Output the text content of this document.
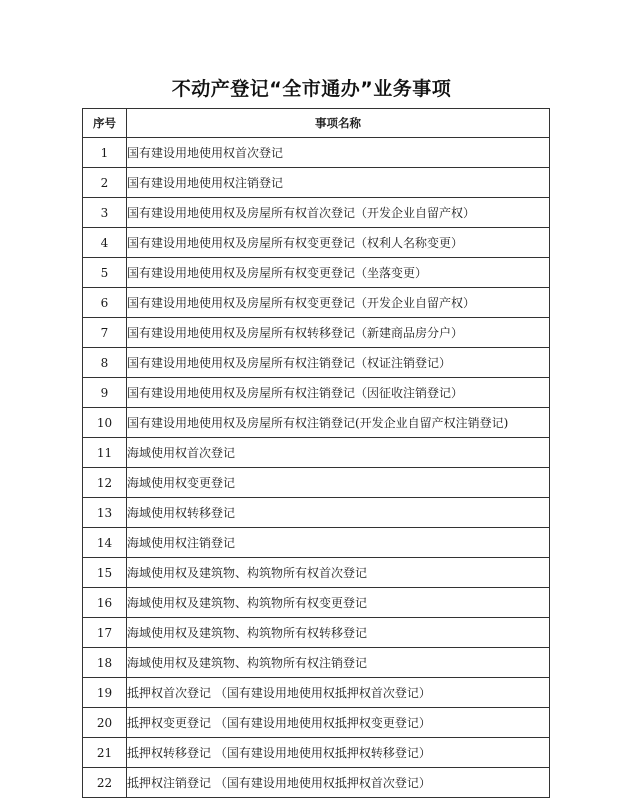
不动产登记“全市通办”业务事项
序号	事项名称
1	国有建设用地使用权首次登记
2	国有建设用地使用权注销登记
3	国有建设用地使用权及房屋所有权首次登记（开发企业自留产权）
4	国有建设用地使用权及房屋所有权变更登记（权利人名称变更）
5	国有建设用地使用权及房屋所有权变更登记（坐落变更）
6	国有建设用地使用权及房屋所有权变更登记（开发企业自留产权）
7	国有建设用地使用权及房屋所有权转移登记（新建商品房分户）
8	国有建设用地使用权及房屋所有权注销登记（权证注销登记）
9	国有建设用地使用权及房屋所有权注销登记（因征收注销登记）
10	国有建设用地使用权及房屋所有权注销登记(开发企业自留产权注销登记)
11	海域使用权首次登记
12	海域使用权变更登记
13	海域使用权转移登记
14	海域使用权注销登记
15	海域使用权及建筑物、构筑物所有权首次登记
16	海域使用权及建筑物、构筑物所有权变更登记
17	海域使用权及建筑物、构筑物所有权转移登记
18	海域使用权及建筑物、构筑物所有权注销登记
19	抵押权首次登记 （国有建设用地使用权抵押权首次登记）
20	抵押权变更登记 （国有建设用地使用权抵押权变更登记）
21	抵押权转移登记 （国有建设用地使用权抵押权转移登记）
22	抵押权注销登记 （国有建设用地使用权抵押权首次登记）
